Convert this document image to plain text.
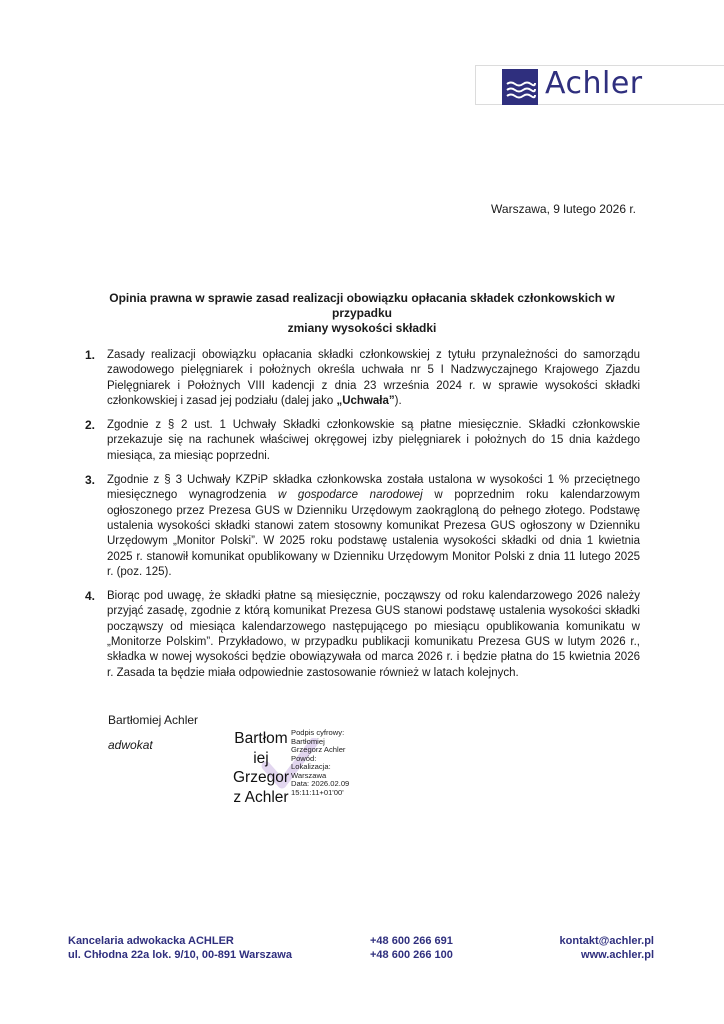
Achler
Warszawa, 9 lutego 2026 r.
Opinia prawna w sprawie zasad realizacji obowiązku opłacania składek członkowskich w przypadku
zmiany wysokości składki
1.	Zasady realizacji obowiązku opłacania składki członkowskiej z tytułu przynależności do samorządu zawodowego pielęgniarek i położnych określa uchwała nr 5 I Nadzwyczajnego Krajowego Zjazdu Pielęgniarek i Położnych VIII kadencji z dnia 23 września 2024 r. w sprawie wysokości składki członkowskiej i zasad jej podziału (dalej jako „Uchwała”).
2.	Zgodnie z § 2 ust. 1 Uchwały Składki członkowskie są płatne miesięcznie. Składki członkowskie przekazuje się na rachunek właściwej okręgowej izby pielęgniarek i położnych do 15 dnia każdego miesiąca, za miesiąc poprzedni.
3.	Zgodnie z § 3 Uchwały KZPiP składka członkowska została ustalona w wysokości 1 % przeciętnego miesięcznego wynagrodzenia w gospodarce narodowej w poprzednim roku kalendarzowym ogłoszonego przez Prezesa GUS w Dzienniku Urzędowym zaokrągloną do pełnego złotego. Podstawę ustalenia wysokości składki stanowi zatem stosowny komunikat Prezesa GUS ogłoszony w Dzienniku Urzędowym „Monitor Polski”. W 2025 roku podstawę ustalenia wysokości składki od dnia 1 kwietnia 2025 r. stanowił komunikat opublikowany w Dzienniku Urzędowym Monitor Polski z dnia 11 lutego 2025 r. (poz. 125).
4.	Biorąc pod uwagę, że składki płatne są miesięcznie, począwszy od roku kalendarzowego 2026 należy przyjąć zasadę, zgodnie z którą komunikat Prezesa GUS stanowi podstawę ustalenia wysokości składki począwszy od miesiąca kalendarzowego następującego po miesiącu opublikowania komunikatu w „Monitorze Polskim”. Przykładowo, w przypadku publikacji komunikatu Prezesa GUS w lutym 2026 r., składka w nowej wysokości będzie obowiązywała od marca 2026 r. i będzie płatna do 15 kwietnia 2026 r. Zasada ta będzie miała odpowiednie zastosowanie również w latach kolejnych.
Bartłomiej Achler
adwokat	Bartłom
iej
Grzegor
z Achler
Podpis cyfrowy:
Bartłomiej
Grzegorz Achler
Powód:
Lokalizacja:
Warszawa
Data: 2026.02.09
15:11:11+01'00'
Kancelaria adwokacka ACHLER
ul. Chłodna 22a lok. 9/10, 00-891 Warszawa
+48 600 266 691
+48 600 266 100
kontakt@achler.pl
www.achler.pl
